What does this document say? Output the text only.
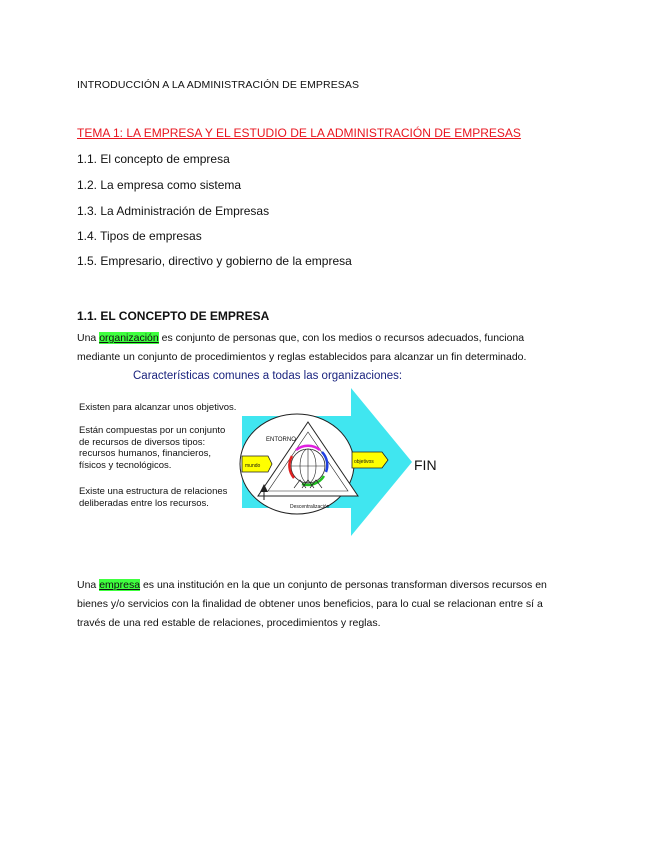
INTRODUCCIÓN A LA ADMINISTRACIÓN DE EMPRESAS
TEMA 1: LA EMPRESA Y EL ESTUDIO DE LA ADMINISTRACIÓN DE EMPRESAS
1.1. El concepto de empresa
1.2. La empresa como sistema
1.3. La Administración de Empresas
1.4. Tipos de empresas
1.5. Empresario, directivo y gobierno de la empresa
1.1. EL CONCEPTO DE EMPRESA
Una organización es conjunto de personas que, con los medios o recursos adecuados, funciona
mediante un conjunto de procedimientos y reglas establecidos para alcanzar un fin determinado.
Características comunes a todas las organizaciones:
Existen para alcanzar unos objetivos.
Están compuestas por un conjunto
de recursos de diversos tipos:
recursos humanos, financieros,
físicos y tecnológicos.
Existe una estructura de relaciones
deliberadas entre los recursos.
ENTORNO
mundo
objetivos
Descentralización
FIN
Una empresa es una institución en la que un conjunto de personas transforman diversos recursos en
bienes y/o servicios con la finalidad de obtener unos beneficios, para lo cual se relacionan entre sí a
través de una red estable de relaciones, procedimientos y reglas.
